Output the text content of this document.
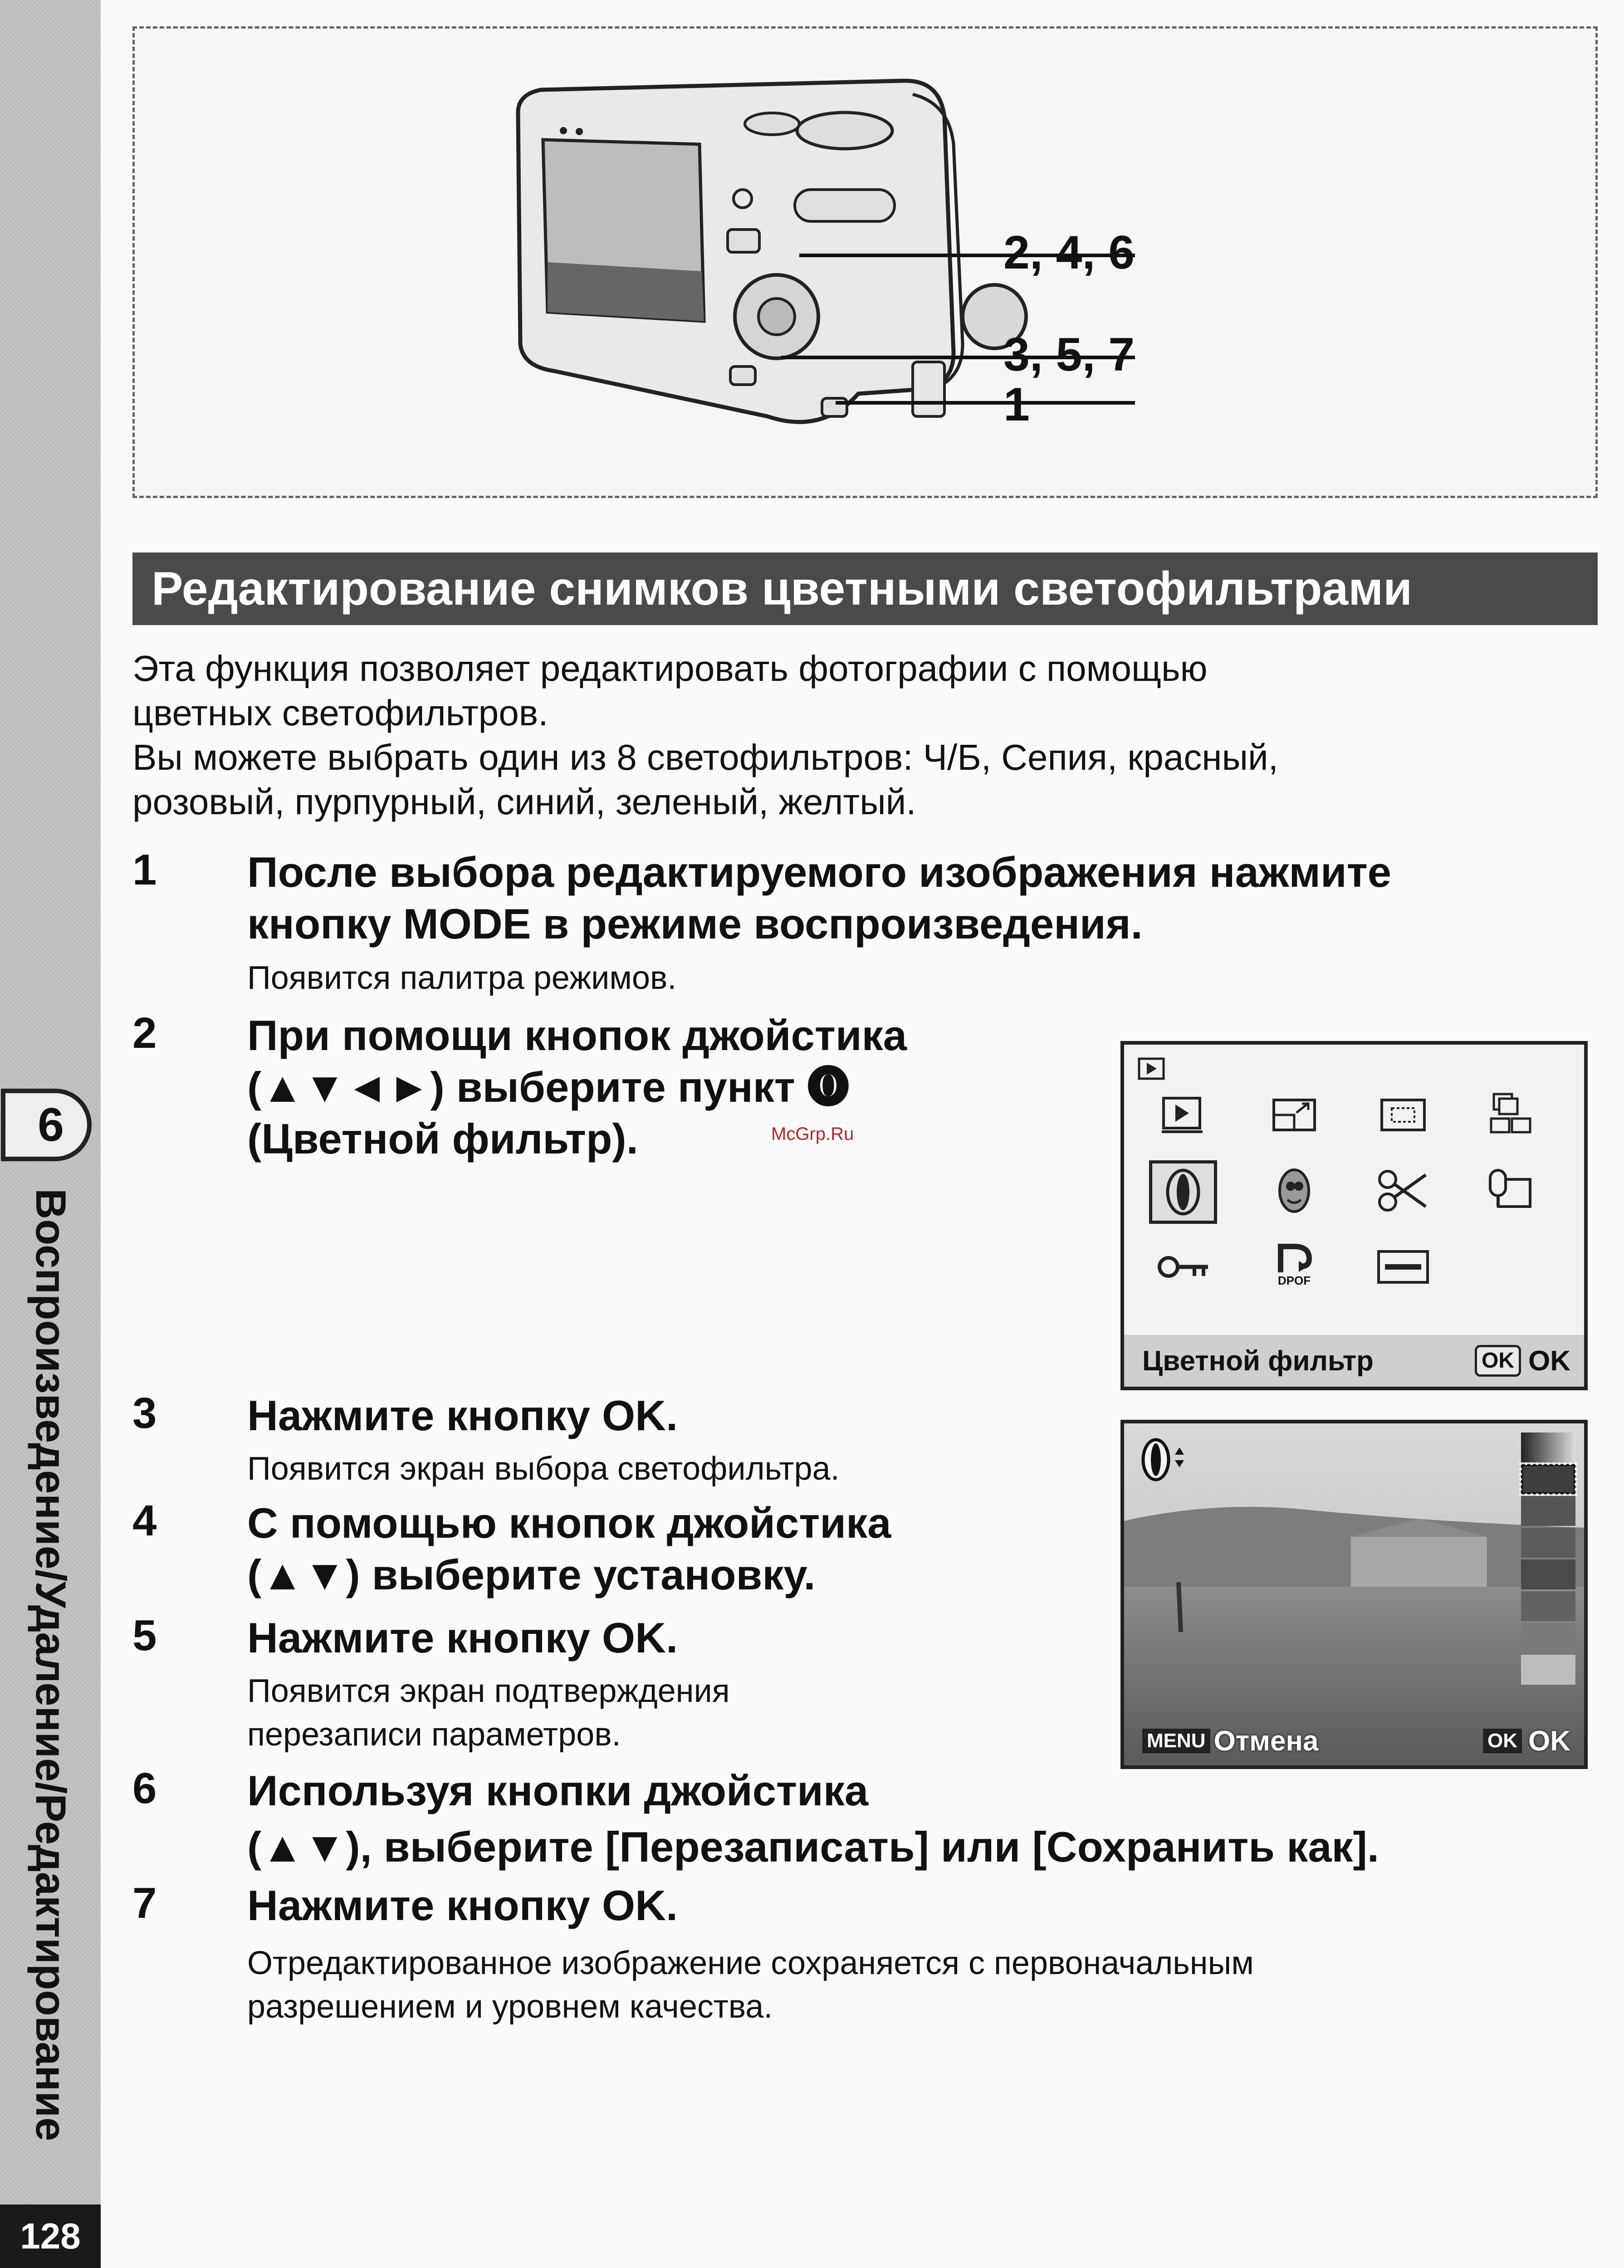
6
Воспроизведение/Удаление/Редактирование
128
2, 4, 6
3, 5, 7
1
Редактирование снимков цветными светофильтрами
Эта функция позволяет редактировать фотографии с помощью
цветных светофильтров.
Вы можете выбрать один из 8 светофильтров: Ч/Б, Сепия, красный,
розовый, пурпурный, синий, зеленый, желтый.
1 После выбора редактируемого изображения нажмите
кнопку MODE в режиме воспроизведения.
Появится палитра режимов.
2 При помощи кнопок джойстика
(▲▼◄►) выберите пункт ⓿
(Цветной фильтр).
3 Нажмите кнопку OK.
Появится экран выбора светофильтра.
4 С помощью кнопок джойстика
(▲▼) выберите установку.
5 Нажмите кнопку OK.
Появится экран подтверждения
перезаписи параметров.
6 Используя кнопки джойстика
(▲▼), выберите [Перезаписать] или [Сохранить как].
7 Нажмите кнопку OK.
Отредактированное изображение сохраняется с первоначальным
разрешением и уровнем качества.
DPOF
Цветной фильтр	OK OK
MENU Отмена	OK OK
McGrp.Ru
